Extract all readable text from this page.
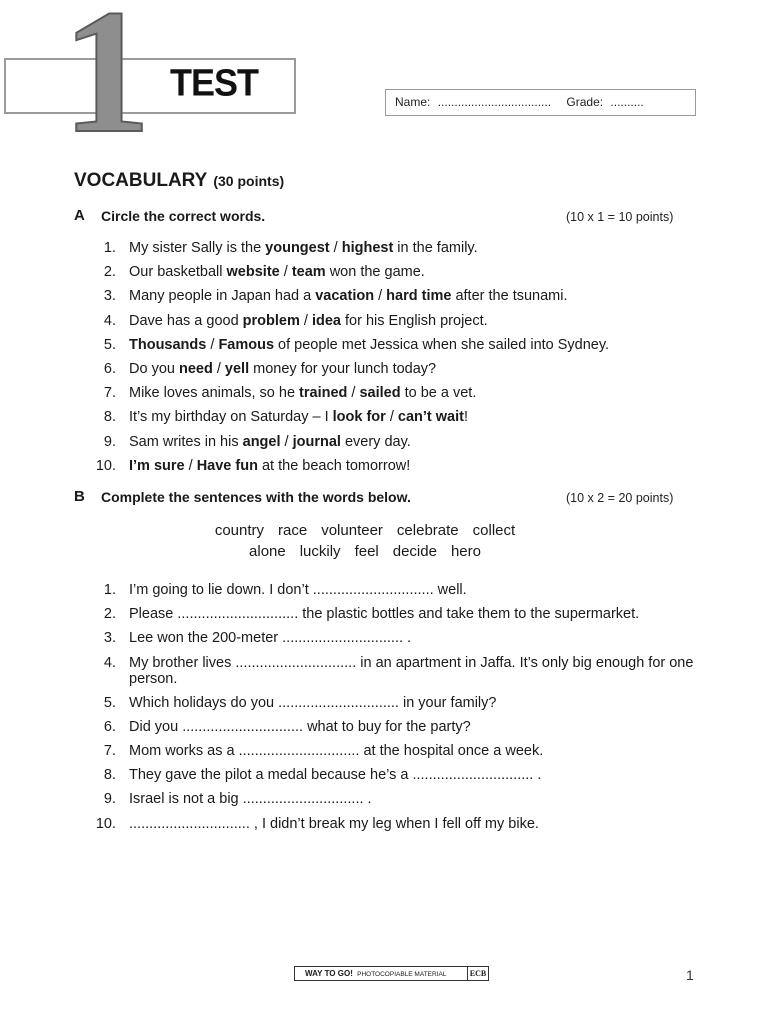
1 TEST	Name: .................................. Grade: ..........
VOCABULARY (30 points)
A Circle the correct words.	(10 x 1 = 10 points)
1. My sister Sally is the youngest / highest in the family.
2. Our basketball website / team won the game.
3. Many people in Japan had a vacation / hard time after the tsunami.
4. Dave has a good problem / idea for his English project.
5. Thousands / Famous of people met Jessica when she sailed into Sydney.
6. Do you need / yell money for your lunch today?
7. Mike loves animals, so he trained / sailed to be a vet.
8. It’s my birthday on Saturday – I look for / can’t wait!
9. Sam writes in his angel / journal every day.
10. I’m sure / Have fun at the beach tomorrow!
B Complete the sentences with the words below.	(10 x 2 = 20 points)
country race volunteer celebrate collect
alone luckily feel decide hero
1. I’m going to lie down. I don’t .............................. well.
2. Please .............................. the plastic bottles and take them to the supermarket.
3. Lee won the 200-meter .............................. .
4. My brother lives .............................. in an apartment in Jaffa. It’s only big enough for one person.
5. Which holidays do you .............................. in your family?
6. Did you .............................. what to buy for the party?
7. Mom works as a .............................. at the hospital once a week.
8. They gave the pilot a medal because he’s a .............................. .
9. Israel is not a big .............................. .
10. .............................. , I didn’t break my leg when I fell off my bike.
WAY TO GO! PHOTOCOPIABLE MATERIAL	ECB	1
